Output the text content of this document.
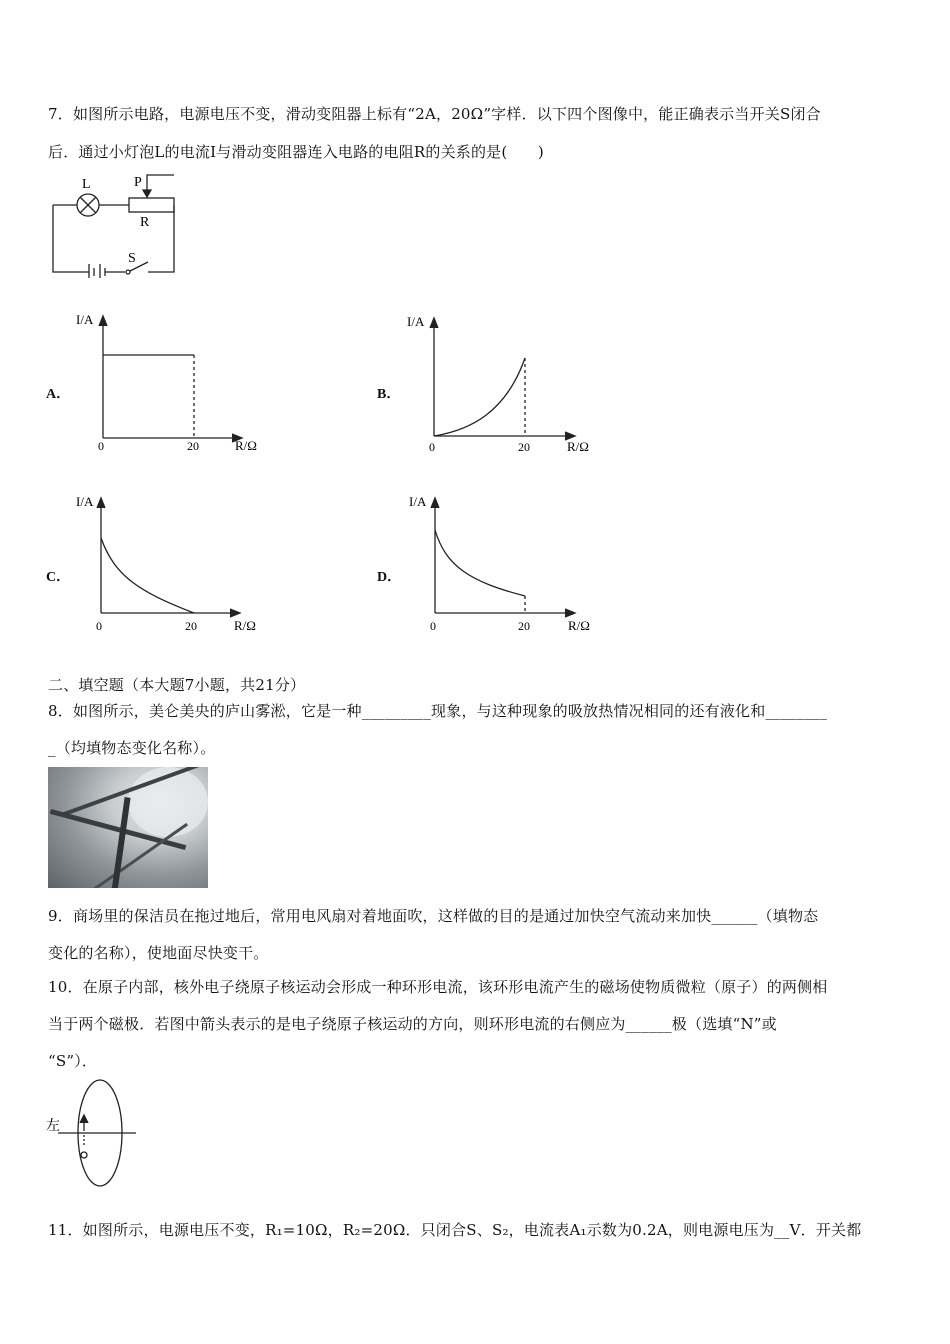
7．如图所示电路，电源电压不变，滑动变阻器上标有“2A，20Ω”字样．以下四个图像中，能正确表示当开关S闭合
后．通过小灯泡L的电流I与滑动变阻器连入电路的电阻R的关系的是(　　)
L	P
R
S
A．
I/A
0	20	R/Ω
B．
I/A
0	20	R/Ω
C．
I/A
0	20	R/Ω
D．
I/A
0	20	R/Ω
二、填空题（本大题7小题，共21分）
8．如图所示，美仑美央的庐山雾淞，它是一种_________现象，与这种现象的吸放热情况相同的还有液化和________
_（均填物态变化名称）。
9．商场里的保洁员在拖过地后，常用电风扇对着地面吹，这样做的目的是通过加快空气流动来加快______（填物态
变化的名称），使地面尽快变干。
10．在原子内部，核外电子绕原子核运动会形成一种环形电流，该环形电流产生的磁场使物质微粒（原子）的两侧相
当于两个磁极．若图中箭头表示的是电子绕原子核运动的方向，则环形电流的右侧应为______极（选填“N”或
“S”）．
左
11．如图所示，电源电压不变，R₁=10Ω，R₂=20Ω．只闭合S、S₂，电流表A₁示数为0.2A，则电源电压为__V．开关都
